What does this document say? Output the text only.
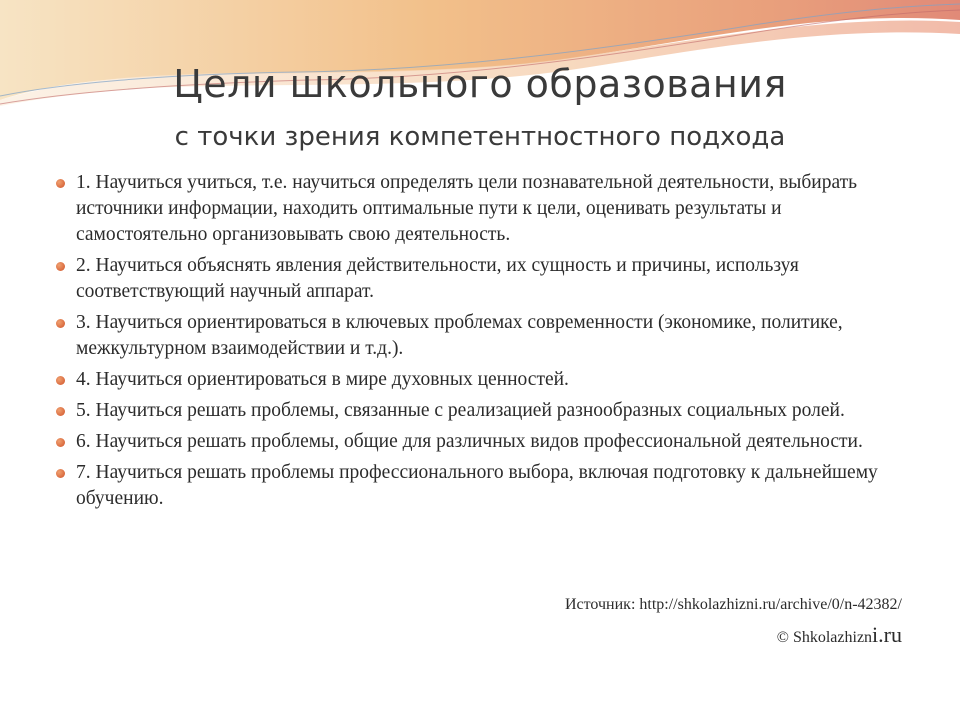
Цели школьного образования
с точки зрения компетентностного подхода
1. Научиться учиться, т.е. научиться определять цели познавательной деятельности, выбирать источники информации, находить оптимальные пути к цели, оценивать результаты и самостоятельно организовывать свою деятельность.
2. Научиться объяснять явления действительности, их сущность и причины, используя соответствующий научный аппарат.
3. Научиться ориентироваться в ключевых проблемах современности (экономике, политике, межкультурном взаимодействии и т.д.).
4. Научиться ориентироваться в мире духовных ценностей.
5. Научиться решать проблемы, связанные с реализацией разнообразных социальных ролей.
6. Научиться решать проблемы, общие для различных видов профессиональной деятельности.
7. Научиться решать проблемы профессионального выбора, включая подготовку к дальнейшему обучению.
Источник: http://shkolazhizni.ru/archive/0/n-42382/
© Shkolazhizni.ru
